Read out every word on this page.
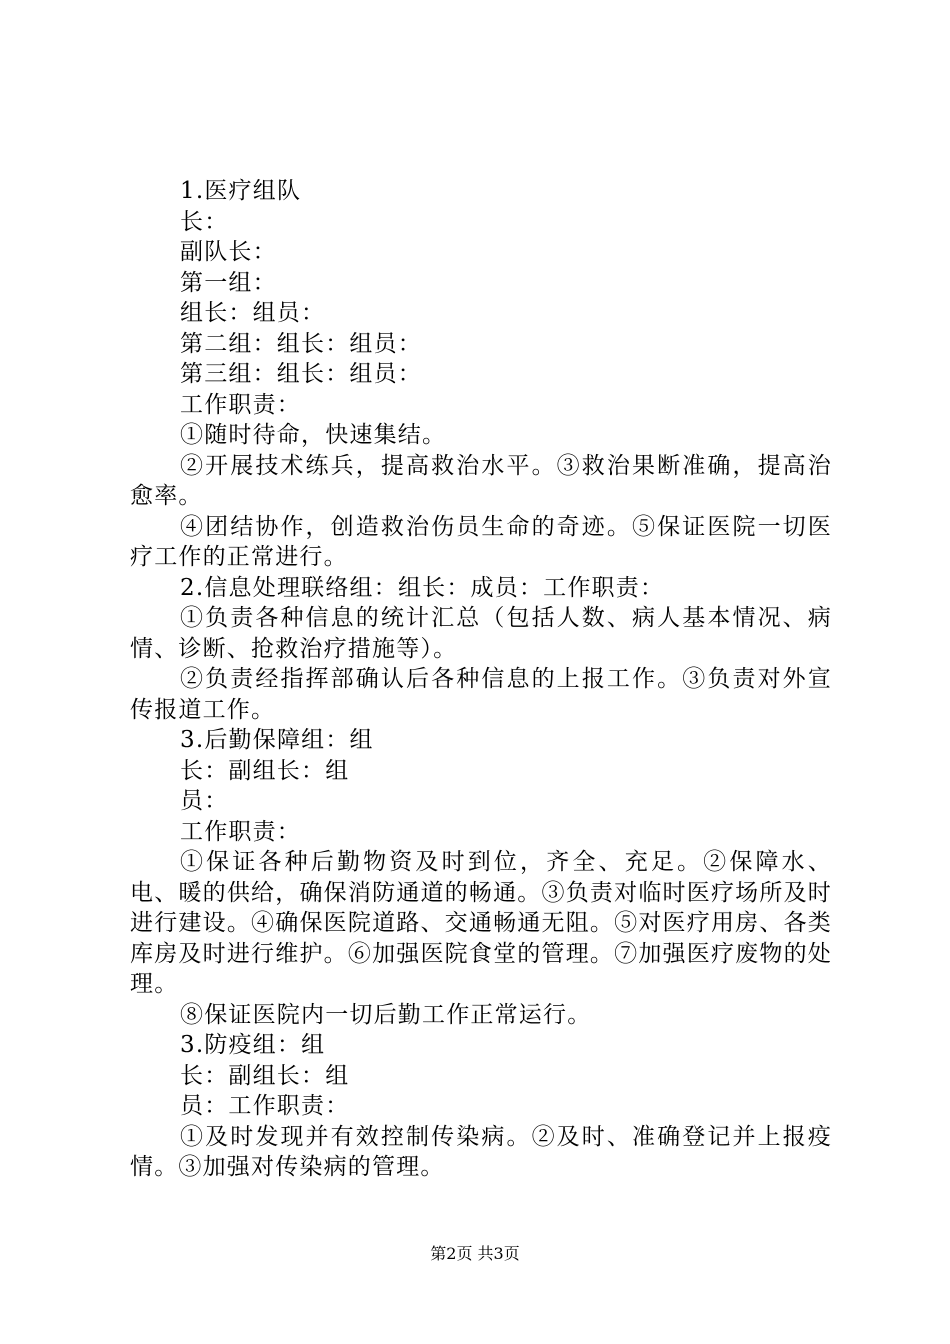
1.医疗组队

长：

副队长：

第一组：

组长：组员：

第二组：组长：组员：

第三组：组长：组员：

工作职责：

①随时待命，快速集结。

②开展技术练兵，提高救治水平。③救治果断准确，提高治愈率。

④团结协作，创造救治伤员生命的奇迹。⑤保证医院一切医疗工作的正常进行。

2.信息处理联络组：组长：成员：工作职责：

①负责各种信息的统计汇总（包括人数、病人基本情况、病情、诊断、抢救治疗措施等）。

②负责经指挥部确认后各种信息的上报工作。③负责对外宣传报道工作。

3.后勤保障组：组

长：副组长：组

员：

工作职责：

①保证各种后勤物资及时到位，齐全、充足。②保障水、电、暖的供给，确保消防通道的畅通。③负责对临时医疗场所及时进行建设。④确保医院道路、交通畅通无阻。⑤对医疗用房、各类库房及时进行维护。⑥加强医院食堂的管理。⑦加强医疗废物的处理。

⑧保证医院内一切后勤工作正常运行。

3.防疫组：组

长：副组长：组

员：工作职责：

①及时发现并有效控制传染病。②及时、准确登记并上报疫情。③加强对传染病的管理。

第2页 共3页
